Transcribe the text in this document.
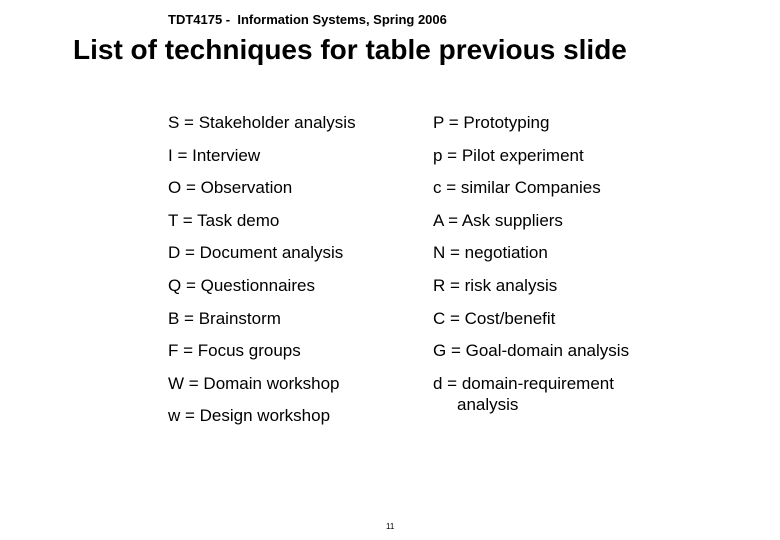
TDT4175 -  Information Systems, Spring 2006
List of techniques for table previous slide
S = Stakeholder analysis
I = Interview
O = Observation
T = Task demo
D = Document analysis
Q = Questionnaires
B = Brainstorm
F = Focus groups
W = Domain workshop
w = Design workshop
P = Prototyping
p = Pilot experiment
c = similar Companies
A = Ask suppliers
N = negotiation
R = risk analysis
C = Cost/benefit
G = Goal-domain analysis
d = domain-requirement
analysis
11
